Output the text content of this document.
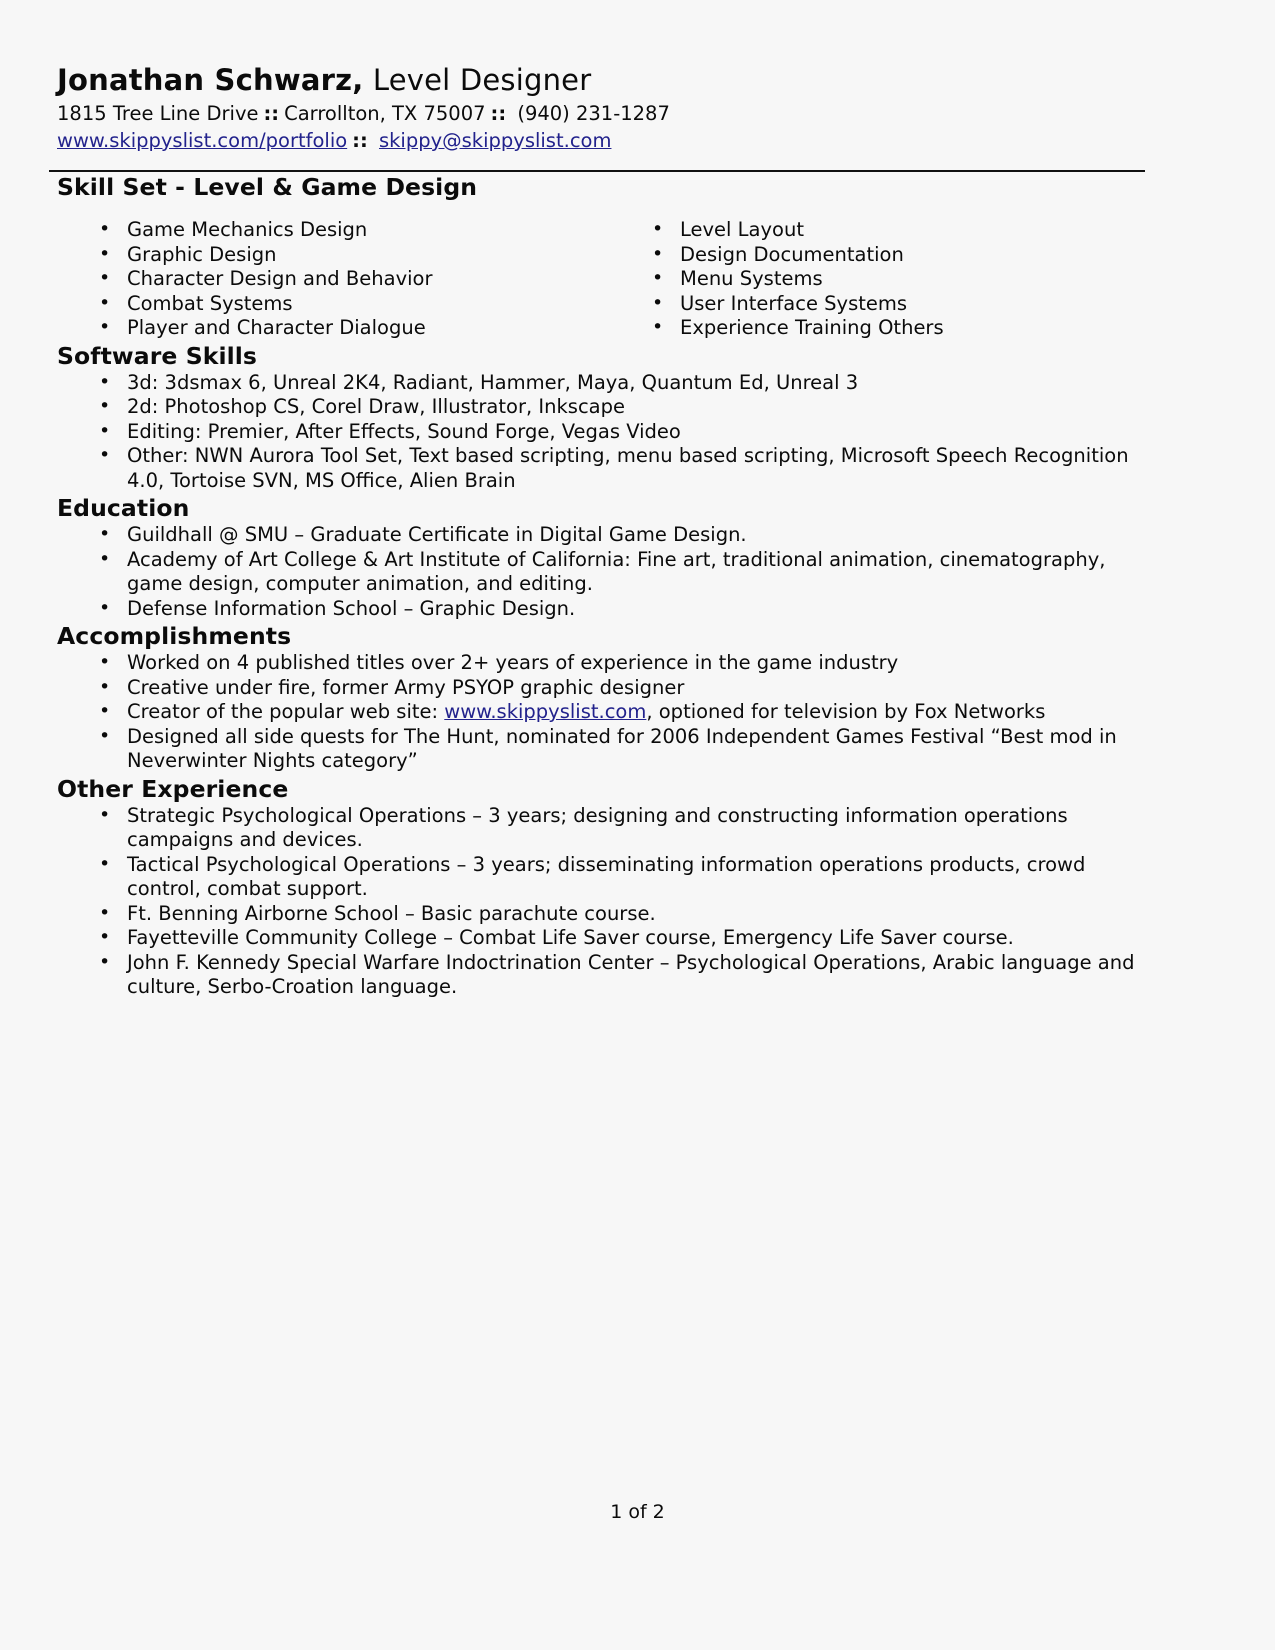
Jonathan Schwarz, Level Designer
1815 Tree Line Drive :: Carrollton, TX 75007 :: (940) 231-1287
www.skippyslist.com/portfolio :: skippy@skippyslist.com
Skill Set - Level & Game Design
• Game Mechanics Design
• Graphic Design
• Character Design and Behavior
• Combat Systems
• Player and Character Dialogue
• Level Layout
• Design Documentation
• Menu Systems
• User Interface Systems
• Experience Training Others
Software Skills
• 3d: 3dsmax 6, Unreal 2K4, Radiant, Hammer, Maya, Quantum Ed, Unreal 3
• 2d: Photoshop CS, Corel Draw, Illustrator, Inkscape
• Editing: Premier, After Effects, Sound Forge, Vegas Video
• Other: NWN Aurora Tool Set, Text based scripting, menu based scripting, Microsoft Speech Recognition 4.0, Tortoise SVN, MS Office, Alien Brain
Education
• Guildhall @ SMU – Graduate Certificate in Digital Game Design.
• Academy of Art College & Art Institute of California: Fine art, traditional animation, cinematography, game design, computer animation, and editing.
• Defense Information School – Graphic Design.
Accomplishments
• Worked on 4 published titles over 2+ years of experience in the game industry
• Creative under fire, former Army PSYOP graphic designer
• Creator of the popular web site: www.skippyslist.com, optioned for television by Fox Networks
• Designed all side quests for The Hunt, nominated for 2006 Independent Games Festival “Best mod in Neverwinter Nights category”
Other Experience
• Strategic Psychological Operations – 3 years; designing and constructing information operations campaigns and devices.
• Tactical Psychological Operations – 3 years; disseminating information operations products, crowd control, combat support.
• Ft. Benning Airborne School – Basic parachute course.
• Fayetteville Community College – Combat Life Saver course, Emergency Life Saver course.
• John F. Kennedy Special Warfare Indoctrination Center – Psychological Operations, Arabic language and culture, Serbo-Croation language.
1 of 2
